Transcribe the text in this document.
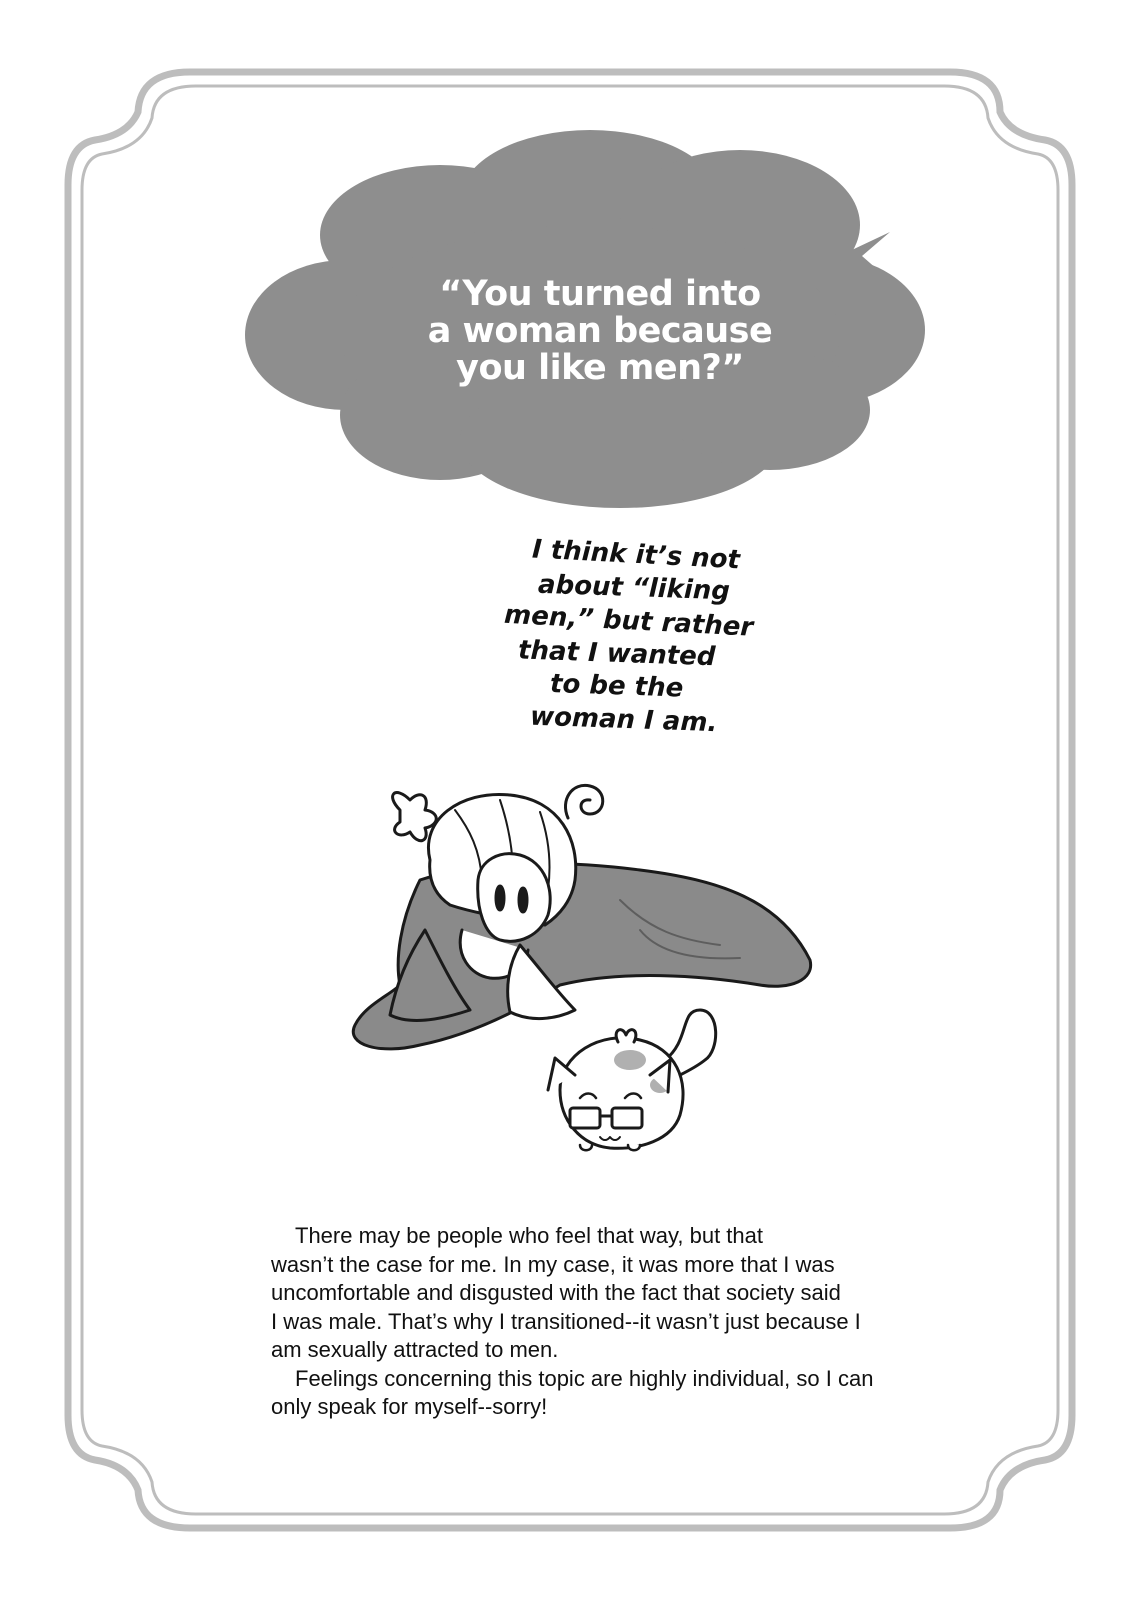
“You turned into
a woman because
you like men?”
I think it’s not
about “liking
men,” but rather
that I wanted
to be the
woman I am.
There may be people who feel that way, but that
wasn’t the case for me. In my case, it was more that I was
uncomfortable and disgusted with the fact that society said
I was male. That’s why I transitioned--it wasn’t just because I
am sexually attracted to men.
Feelings concerning this topic are highly individual, so I can
only speak for myself--sorry!
